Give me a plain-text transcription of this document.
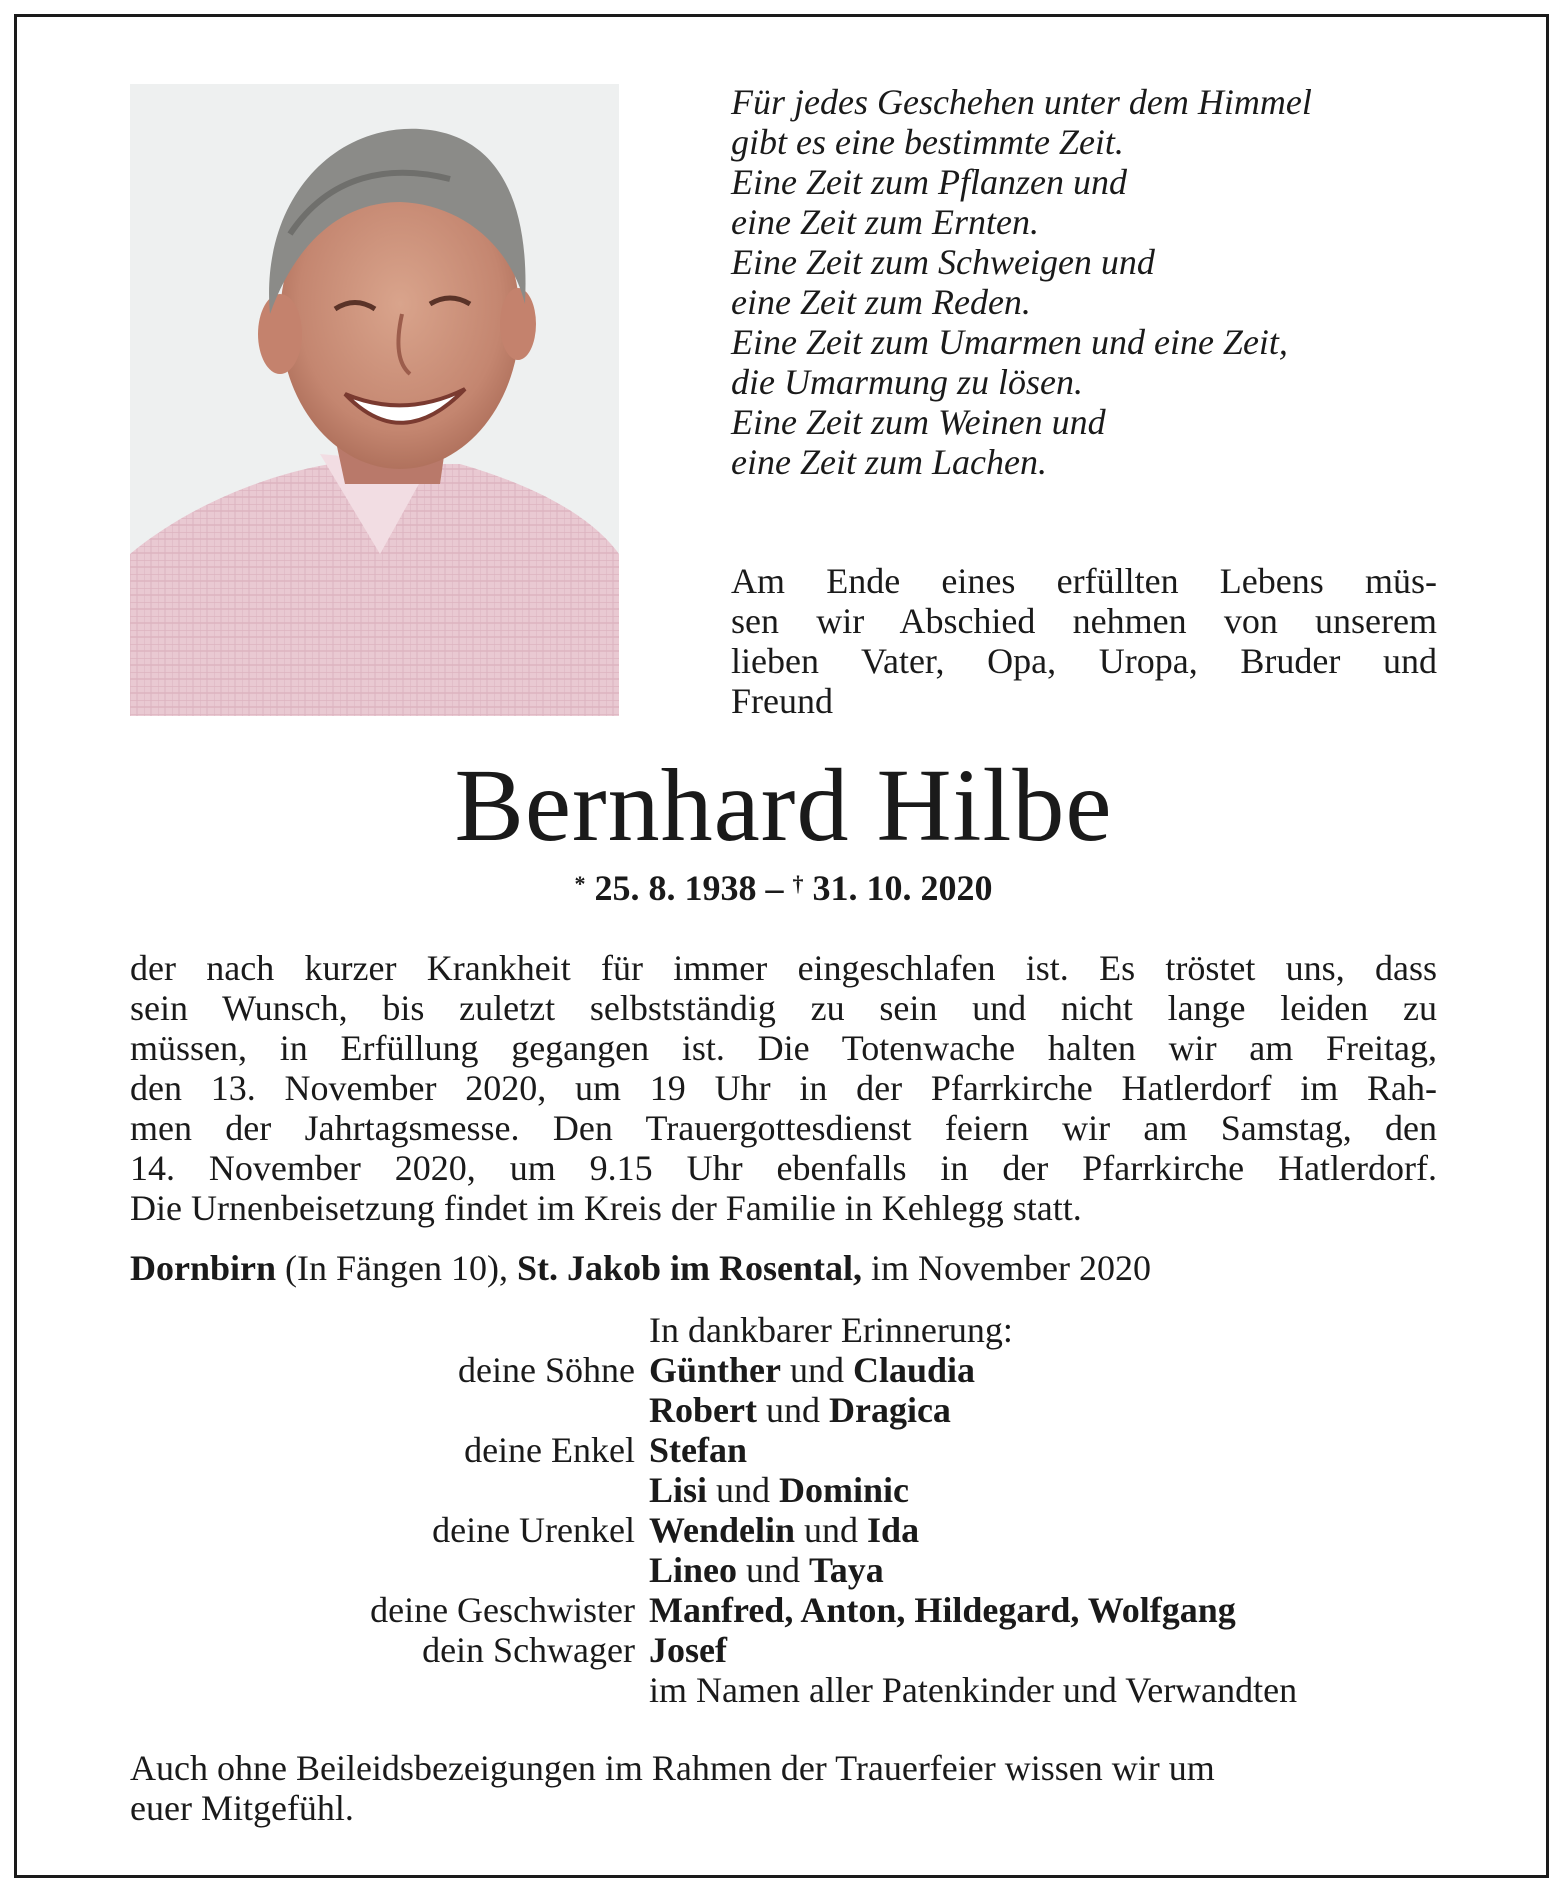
Für jedes Geschehen unter dem Himmel
gibt es eine bestimmte Zeit.
Eine Zeit zum Pflanzen und
eine Zeit zum Ernten.
Eine Zeit zum Schweigen und
eine Zeit zum Reden.
Eine Zeit zum Umarmen und eine Zeit,
die Umarmung zu lösen.
Eine Zeit zum Weinen und
eine Zeit zum Lachen.
Am Ende eines erfüllten Lebens müs-
sen wir Abschied nehmen von unserem
lieben Vater, Opa, Uropa, Bruder und
Freund
Bernhard Hilbe
* 25. 8. 1938 – † 31. 10. 2020
der nach kurzer Krankheit für immer eingeschlafen ist. Es tröstet uns, dass
sein Wunsch, bis zuletzt selbstständig zu sein und nicht lange leiden zu
müssen, in Erfüllung gegangen ist. Die Totenwache halten wir am Freitag,
den 13. November 2020, um 19 Uhr in der Pfarrkirche Hatlerdorf im Rah-
men der Jahrtagsmesse. Den Trauergottesdienst feiern wir am Samstag, den
14. November 2020, um 9.15 Uhr ebenfalls in der Pfarrkirche Hatlerdorf.
Die Urnenbeisetzung findet im Kreis der Familie in Kehlegg statt.
Dornbirn (In Fängen 10), St. Jakob im Rosental, im November 2020
In dankbarer Erinnerung:
deine Söhne Günther und Claudia
Robert und Dragica
deine Enkel Stefan
Lisi und Dominic
deine Urenkel Wendelin und Ida
Lineo und Taya
deine Geschwister Manfred, Anton, Hildegard, Wolfgang
dein Schwager Josef
im Namen aller Patenkinder und Verwandten
Auch ohne Beileidsbezeigungen im Rahmen der Trauerfeier wissen wir um
euer Mitgefühl.
